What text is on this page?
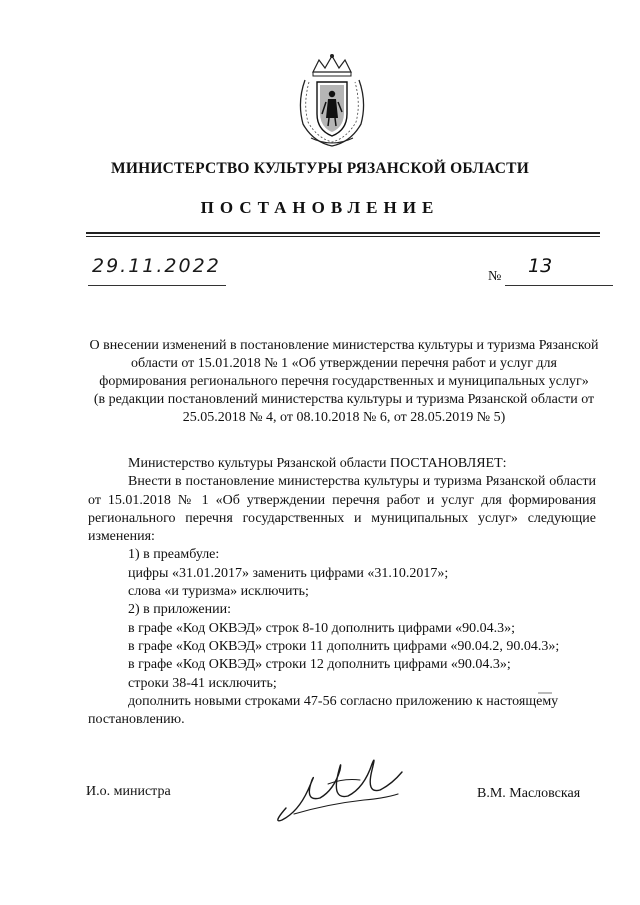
МИНИСТЕРСТВО КУЛЬТУРЫ РЯЗАНСКОЙ ОБЛАСТИ
ПОСТАНОВЛЕНИЕ
29.11.2022	№ 13

О внесении изменений в постановление министерства культуры и туризма Рязанской области от 15.01.2018 № 1 «Об утверждении перечня работ и услуг для формирования регионального перечня государственных и муниципальных услуг»

(в редакции постановлений министерства культуры и туризма Рязанской области от 25.05.2018 № 4, от 08.10.2018 № 6, от 28.05.2019 № 5)

Министерство культуры Рязанской области ПОСТАНОВЛЯЕТ:

Внести в постановление министерства культуры и туризма Рязанской области от 15.01.2018 № 1 «Об утверждении перечня работ и услуг для формирования регионального перечня государственных и муниципальных услуг» следующие изменения:

1) в преамбуле:

цифры «31.01.2017» заменить цифрами «31.10.2017»;

слова «и туризма» исключить;

2) в приложении:

в графе «Код ОКВЭД» строк 8-10 дополнить цифрами «90.04.3»;

в графе «Код ОКВЭД» строки 11 дополнить цифрами «90.04.2, 90.04.3»;

в графе «Код ОКВЭД» строки 12 дополнить цифрами «90.04.3»;

строки 38-41 исключить;

дополнить новыми строками 47-56 согласно приложению к настоящему постановлению.

И.о. министра	В.М. Масловская
